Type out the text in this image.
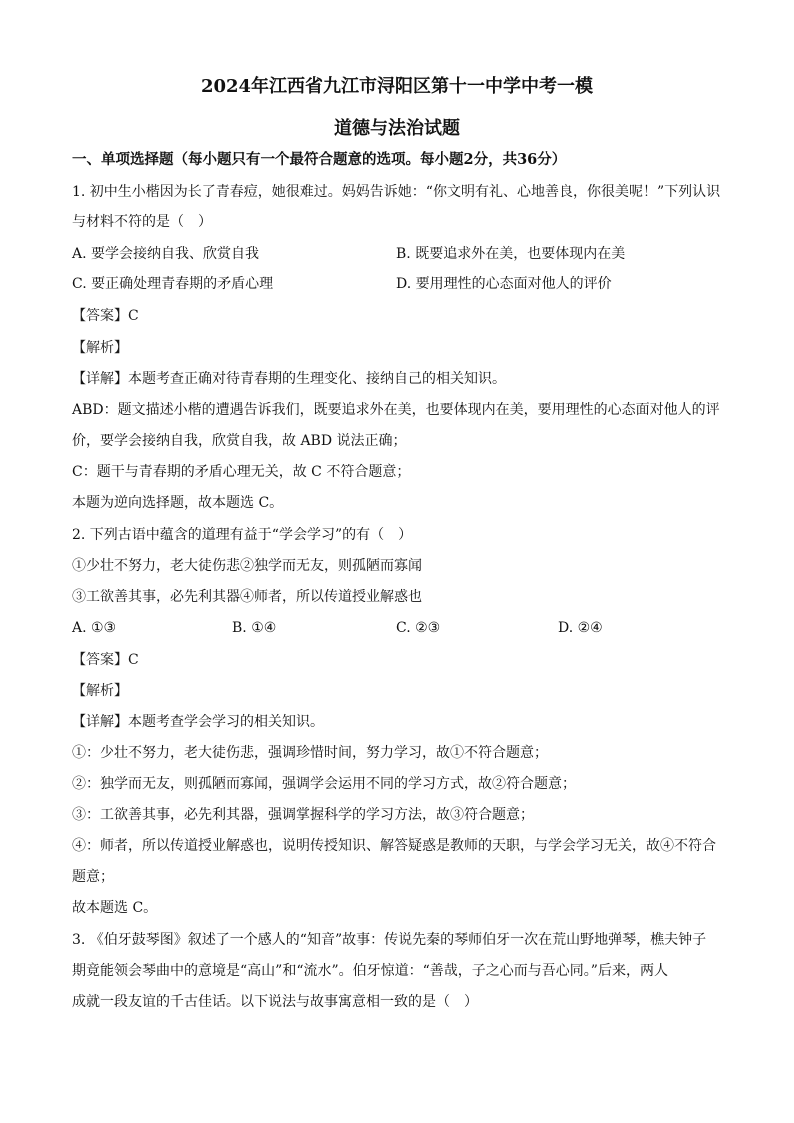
2024年江西省九江市浔阳区第十一中学中考一模
道德与法治试题
一、单项选择题（每小题只有一个最符合题意的选项。每小题2分，共36分）
1. 初中生小楷因为长了青春痘，她很难过。妈妈告诉她：“你文明有礼、心地善良，你很美呢！”下列认识
与材料不符的是（　）
A. 要学会接纳自我、欣赏自我	B. 既要追求外在美，也要体现内在美
C. 要正确处理青春期的矛盾心理	D. 要用理性的心态面对他人的评价
【答案】C
【解析】
【详解】本题考查正确对待青春期的生理变化、接纳自己的相关知识。
ABD：题文描述小楷的遭遇告诉我们，既要追求外在美，也要体现内在美，要用理性的心态面对他人的评
价，要学会接纳自我，欣赏自我，故 ABD 说法正确；
C：题干与青春期的矛盾心理无关，故 C 不符合题意；
本题为逆向选择题，故本题选 C。
2. 下列古语中蕴含的道理有益于“学会学习”的有（　）
①少壮不努力，老大徒伤悲②独学而无友，则孤陋而寡闻
③工欲善其事，必先利其器④师者，所以传道授业解惑也
A. ①③	B. ①④	C. ②③	D. ②④
【答案】C
【解析】
【详解】本题考查学会学习的相关知识。
①：少壮不努力，老大徒伤悲，强调珍惜时间，努力学习，故①不符合题意；
②：独学而无友，则孤陋而寡闻，强调学会运用不同的学习方式，故②符合题意；
③：工欲善其事，必先利其器，强调掌握科学的学习方法，故③符合题意；
④：师者，所以传道授业解惑也，说明传授知识、解答疑惑是教师的天职，与学会学习无关，故④不符合
题意；
故本题选 C。
3. 《伯牙鼓琴图》叙述了一个感人的“知音”故事：传说先秦的琴师伯牙一次在荒山野地弹琴，樵夫钟子
期竟能领会琴曲中的意境是“高山”和“流水”。伯牙惊道：“善哉，子之心而与吾心同。”后来，两人
成就一段友谊的千古佳话。以下说法与故事寓意相一致的是（　）
